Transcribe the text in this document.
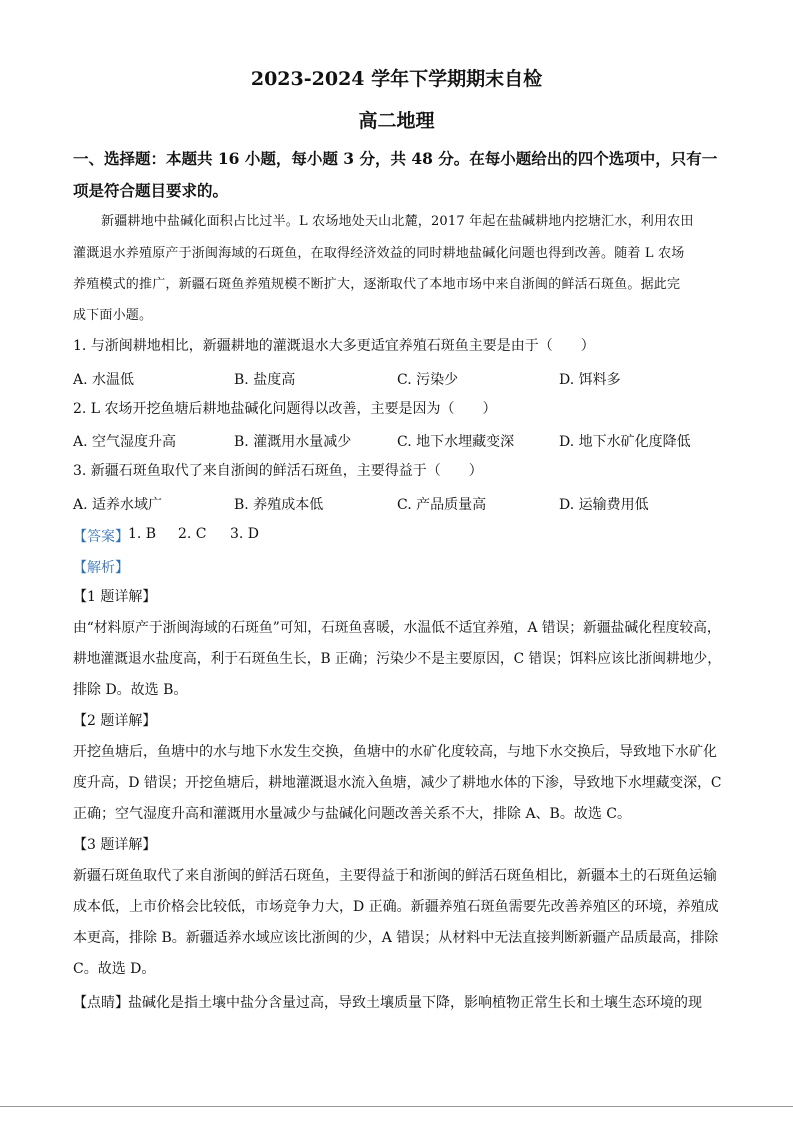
2023-2024 学年下学期期末自检
高二地理
一、选择题：本题共 16 小题，每小题 3 分，共 48 分。在每小题给出的四个选项中，只有一
项是符合题目要求的。
新疆耕地中盐碱化面积占比过半。L 农场地处天山北麓，2017 年起在盐碱耕地内挖塘汇水，利用农田
灌溉退水养殖原产于浙闽海域的石斑鱼，在取得经济效益的同时耕地盐碱化问题也得到改善。随着 L 农场
养殖模式的推广，新疆石斑鱼养殖规模不断扩大，逐渐取代了本地市场中来自浙闽的鲜活石斑鱼。据此完
成下面小题。
1. 与浙闽耕地相比，新疆耕地的灌溉退水大多更适宜养殖石斑鱼主要是由于（　　）
A. 水温低	B. 盐度高	C. 污染少	D. 饵料多
2. L 农场开挖鱼塘后耕地盐碱化问题得以改善，主要是因为（　　）
A. 空气湿度升高	B. 灌溉用水量减少	C. 地下水埋藏变深	D. 地下水矿化度降低
3. 新疆石斑鱼取代了来自浙闽的鲜活石斑鱼，主要得益于（　　）
A. 适养水域广	B. 养殖成本低	C. 产品质量高	D. 运输费用低
【答案】 1. B 2. C 3. D
【解析】
【1 题详解】
由“材料原产于浙闽海域的石斑鱼”可知，石斑鱼喜暖，水温低不适宜养殖，A 错误；新疆盐碱化程度较高，
耕地灌溉退水盐度高，利于石斑鱼生长，B 正确；污染少不是主要原因，C 错误；饵料应该比浙闽耕地少，
排除 D。故选 B。
【2 题详解】
开挖鱼塘后，鱼塘中的水与地下水发生交换，鱼塘中的水矿化度较高，与地下水交换后，导致地下水矿化
度升高，D 错误；开挖鱼塘后，耕地灌溉退水流入鱼塘，减少了耕地水体的下渗，导致地下水埋藏变深，C
正确；空气湿度升高和灌溉用水量减少与盐碱化问题改善关系不大，排除 A、B。故选 C。
【3 题详解】
新疆石斑鱼取代了来自浙闽的鲜活石斑鱼，主要得益于和浙闽的鲜活石斑鱼相比，新疆本土的石斑鱼运输
成本低，上市价格会比较低，市场竞争力大，D 正确。新疆养殖石斑鱼需要先改善养殖区的环境，养殖成
本更高，排除 B。新疆适养水域应该比浙闽的少，A 错误；从材料中无法直接判断新疆产品质最高，排除
C。故选 D。
【点睛】 盐碱化是指土壤中盐分含量过高，导致土壤质量下降，影响植物正常生长和土壤生态环境的现
